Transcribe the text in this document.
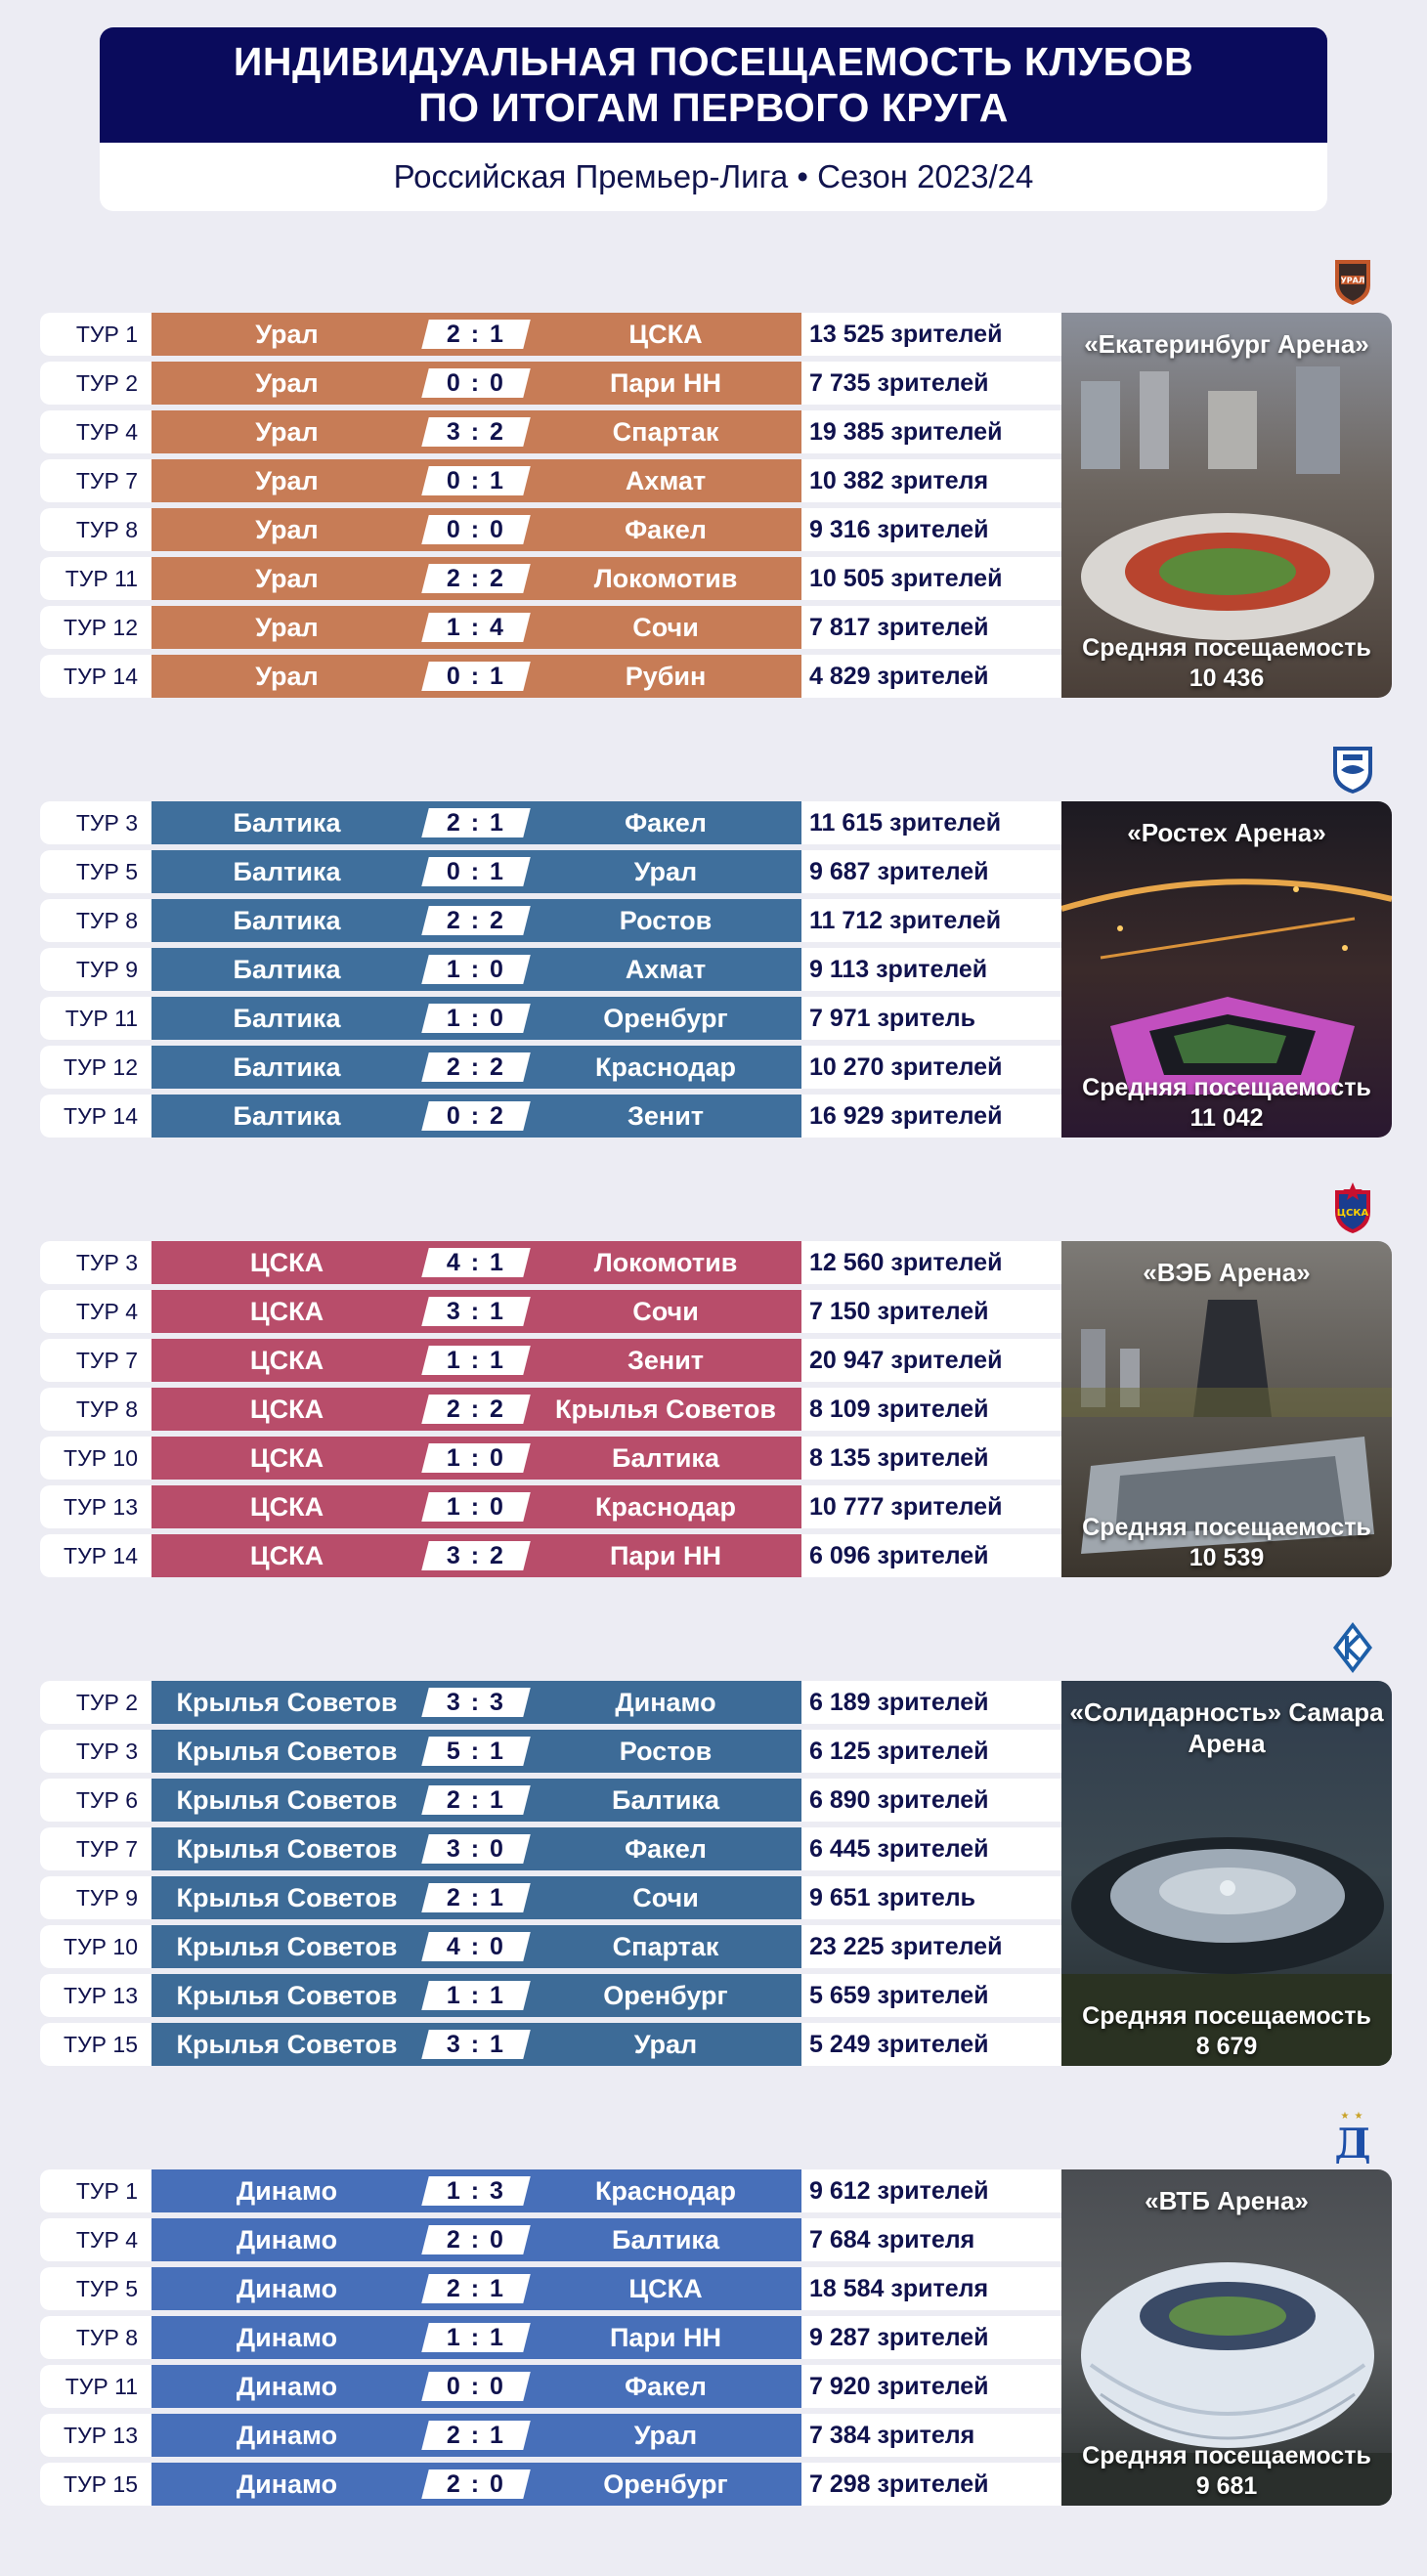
ИНДИВИДУАЛЬНАЯ ПОСЕЩАЕМОСТЬ КЛУБОВ
ПО ИТОГАМ ПЕРВОГО КРУГА
Российская Премьер-Лига • Сезон 2023/24
УРАЛ
ТУР 1	Урал	2 : 1	ЦСКА	13 525 зрителей
ТУР 2	Урал	0 : 0	Пари НН	7 735 зрителей
ТУР 4	Урал	3 : 2	Спартак	19 385 зрителей
ТУР 7	Урал	0 : 1	Ахмат	10 382 зрителя
ТУР 8	Урал	0 : 0	Факел	9 316 зрителей
ТУР 11	Урал	2 : 2	Локомотив	10 505 зрителей
ТУР 12	Урал	1 : 4	Сочи	7 817 зрителей
ТУР 14	Урал	0 : 1	Рубин	4 829 зрителей
«Екатеринбург Арена»
Средняя посещаемость
10 436
ТУР 3	Балтика	2 : 1	Факел	11 615 зрителей
ТУР 5	Балтика	0 : 1	Урал	9 687 зрителей
ТУР 8	Балтика	2 : 2	Ростов	11 712 зрителей
ТУР 9	Балтика	1 : 0	Ахмат	9 113 зрителей
ТУР 11	Балтика	1 : 0	Оренбург	7 971 зритель
ТУР 12	Балтика	2 : 2	Краснодар	10 270 зрителей
ТУР 14	Балтика	0 : 2	Зенит	16 929 зрителей
«Ростех Арена»
Средняя посещаемость
11 042
ЦСКА
ТУР 3	ЦСКА	4 : 1	Локомотив	12 560 зрителей
ТУР 4	ЦСКА	3 : 1	Сочи	7 150 зрителей
ТУР 7	ЦСКА	1 : 1	Зенит	20 947 зрителей
ТУР 8	ЦСКА	2 : 2	Крылья Советов	8 109 зрителей
ТУР 10	ЦСКА	1 : 0	Балтика	8 135 зрителей
ТУР 13	ЦСКА	1 : 0	Краснодар	10 777 зрителей
ТУР 14	ЦСКА	3 : 2	Пари НН	6 096 зрителей
«ВЭБ Арена»
Средняя посещаемость
10 539
ТУР 2	Крылья Советов	3 : 3	Динамо	6 189 зрителей
ТУР 3	Крылья Советов	5 : 1	Ростов	6 125 зрителей
ТУР 6	Крылья Советов	2 : 1	Балтика	6 890 зрителей
ТУР 7	Крылья Советов	3 : 0	Факел	6 445 зрителей
ТУР 9	Крылья Советов	2 : 1	Сочи	9 651 зритель
ТУР 10	Крылья Советов	4 : 0	Спартак	23 225 зрителей
ТУР 13	Крылья Советов	1 : 1	Оренбург	5 659 зрителей
ТУР 15	Крылья Советов	3 : 1	Урал	5 249 зрителей
«Солидарность» Самара Арена
Средняя посещаемость
8 679
★ ★
Д
ТУР 1	Динамо	1 : 3	Краснодар	9 612 зрителей
ТУР 4	Динамо	2 : 0	Балтика	7 684 зрителя
ТУР 5	Динамо	2 : 1	ЦСКА	18 584 зрителя
ТУР 8	Динамо	1 : 1	Пари НН	9 287 зрителей
ТУР 11	Динамо	0 : 0	Факел	7 920 зрителей
ТУР 13	Динамо	2 : 1	Урал	7 384 зрителя
ТУР 15	Динамо	2 : 0	Оренбург	7 298 зрителей
«ВТБ Арена»
Средняя посещаемость
9 681
